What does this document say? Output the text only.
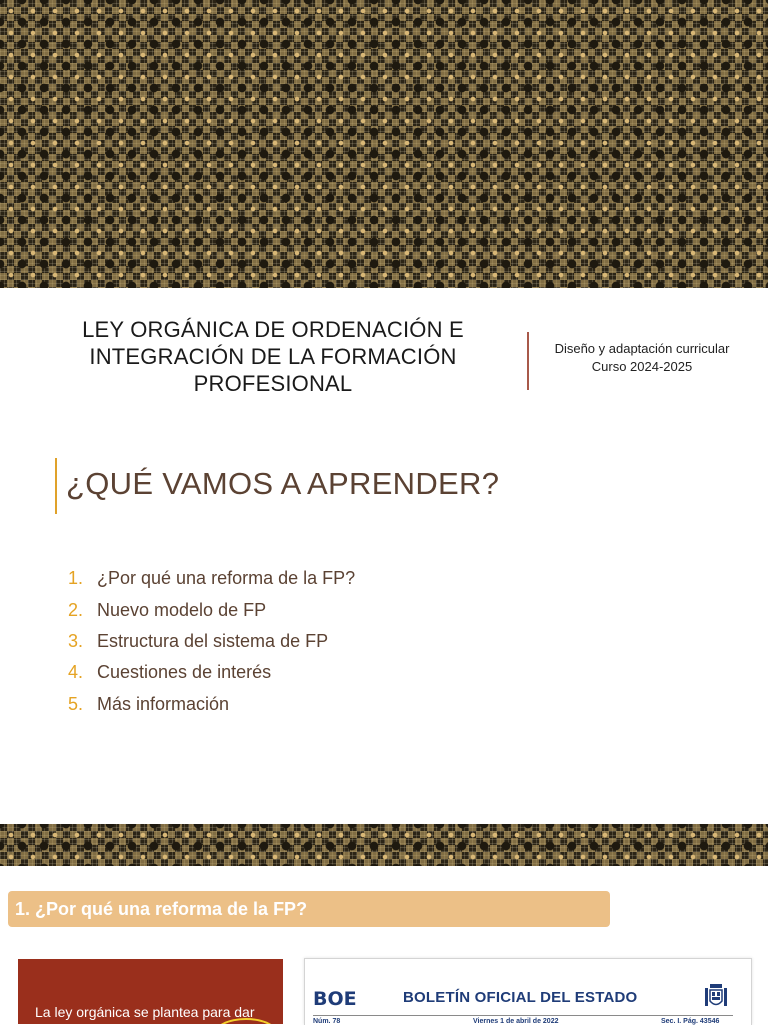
LEY ORGÁNICA DE ORDENACIÓN E
INTEGRACIÓN DE LA FORMACIÓN
PROFESIONAL
Diseño y adaptación curricular
Curso 2024-2025
¿QUÉ VAMOS A APRENDER?
1. ¿Por qué una reforma de la FP?
2. Nuevo modelo de FP
3. Estructura del sistema de FP
4. Cuestiones de interés
5. Más información
1. ¿Por qué una reforma de la FP?
La ley orgánica se plantea para dar
BOE	BOLETÍN OFICIAL DEL ESTADO
Núm. 78	Viernes 1 de abril de 2022	Sec. I. Pág. 43546
